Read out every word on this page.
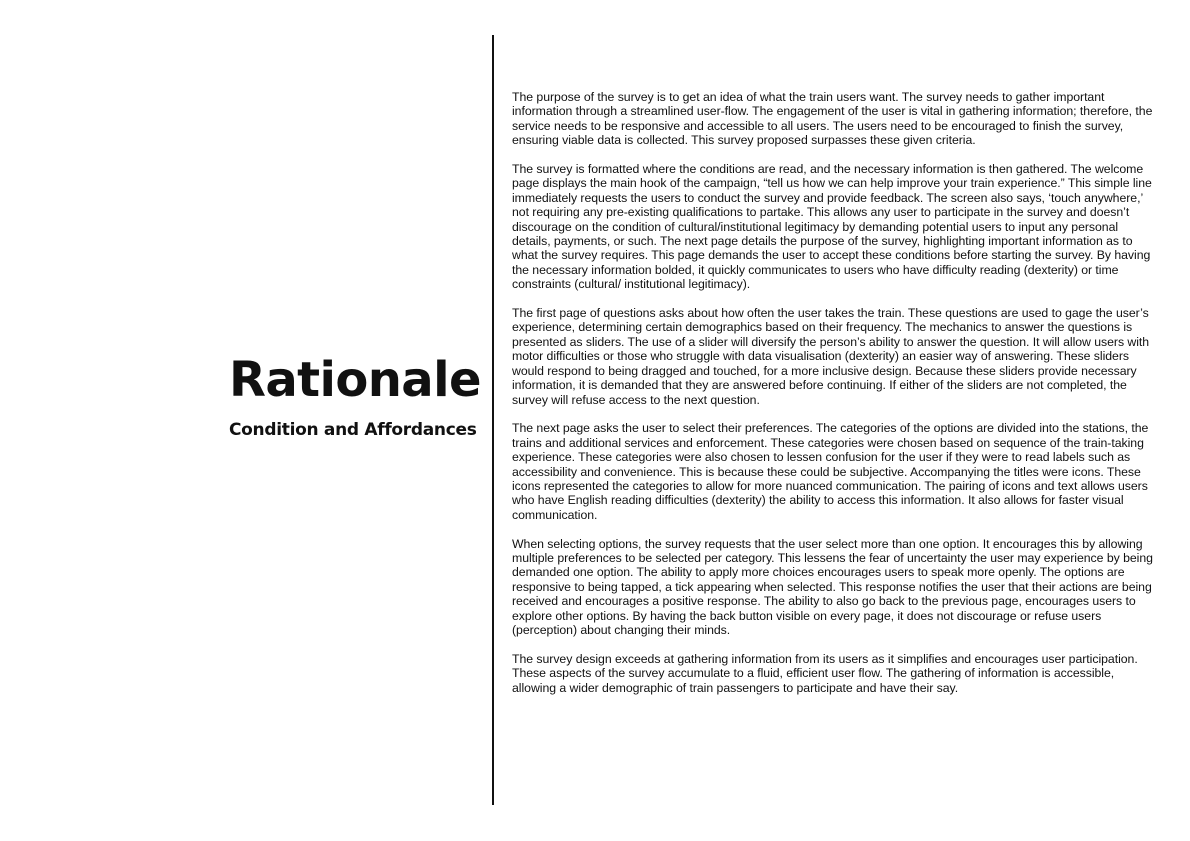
Rationale
Condition and Affordances

The purpose of the survey is to get an idea of what the train users want. The survey needs to gather important information through a streamlined user-flow. The engagement of the user is vital in gathering information; therefore, the service needs to be responsive and accessible to all users. The users need to be encouraged to finish the survey, ensuring viable data is collected. This survey proposed surpasses these given criteria.

The survey is formatted where the conditions are read, and the necessary information is then gathered. The welcome page displays the main hook of the campaign, “tell us how we can help improve your train experience.” This simple line immediately requests the users to conduct the survey and provide feedback. The screen also says, ‘touch anywhere,’ not requiring any pre-existing qualifications to partake. This allows any user to participate in the survey and doesn’t discourage on the condition of cultural/institutional legitimacy by demanding potential users to input any personal details, payments, or such. The next page details the purpose of the survey, highlighting important information as to what the survey requires. This page demands the user to accept these conditions before starting the survey. By having the necessary information bolded, it quickly communicates to users who have difficulty reading (dexterity) or time constraints (cultural/ institutional legitimacy).

The first page of questions asks about how often the user takes the train. These questions are used to gage the user’s experience, determining certain demographics based on their frequency. The mechanics to answer the questions is presented as sliders. The use of a slider will diversify the person’s ability to answer the question. It will allow users with motor difficulties or those who struggle with data visualisation (dexterity) an easier way of answering. These sliders would respond to being dragged and touched, for a more inclusive design. Because these sliders provide necessary information, it is demanded that they are answered before continuing. If either of the sliders are not completed, the survey will refuse access to the next question.

The next page asks the user to select their preferences. The categories of the options are divided into the stations, the trains and additional services and enforcement. These categories were chosen based on sequence of the train-taking experience. These categories were also chosen to lessen confusion for the user if they were to read labels such as accessibility and convenience. This is because these could be subjective. Accompanying the titles were icons. These icons represented the categories to allow for more nuanced communication. The pairing of icons and text allows users who have English reading difficulties (dexterity) the ability to access this information. It also allows for faster visual communication.

When selecting options, the survey requests that the user select more than one option. It encourages this by allowing multiple preferences to be selected per category. This lessens the fear of uncertainty the user may experience by being demanded one option. The ability to apply more choices encourages users to speak more openly. The options are responsive to being tapped, a tick appearing when selected. This response notifies the user that their actions are being received and encourages a positive response. The ability to also go back to the previous page, encourages users to explore other options. By having the back button visible on every page, it does not discourage or refuse users (perception) about changing their minds.

The survey design exceeds at gathering information from its users as it simplifies and encourages user participation. These aspects of the survey accumulate to a fluid, efficient user flow. The gathering of information is accessible, allowing a wider demographic of train passengers to participate and have their say.
